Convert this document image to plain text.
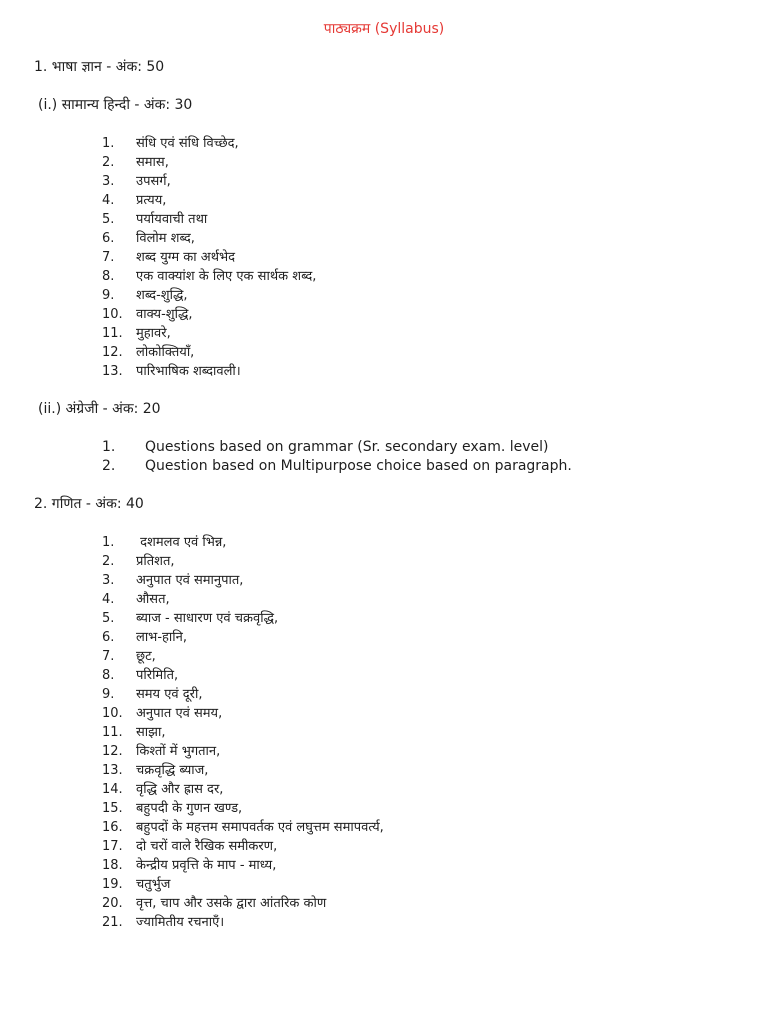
पाठ्यक्रम (Syllabus)
1. भाषा ज्ञान - अंक: 50
(i.) सामान्य हिन्दी - अंक: 30
1. संधि एवं संधि विच्छेद,
2. समास,
3. उपसर्ग,
4. प्रत्यय,
5. पर्यायवाची तथा
6. विलोम शब्द,
7. शब्द युग्म का अर्थभेद
8. एक वाक्यांश के लिए एक सार्थक शब्द,
9. शब्द-शुद्धि,
10. वाक्य-शुद्धि,
11. मुहावरे,
12. लोकोक्तियाँ,
13. पारिभाषिक शब्दावली।
(ii.) अंग्रेजी - अंक: 20
1. Questions based on grammar (Sr. secondary exam. level)
2. Question based on Multipurpose choice based on paragraph.
2. गणित - अंक: 40
1. दशमलव एवं भिन्न,
2. प्रतिशत,
3. अनुपात एवं समानुपात,
4. औसत,
5. ब्याज - साधारण एवं चक्रवृद्धि,
6. लाभ-हानि,
7. छूट,
8. परिमिति,
9. समय एवं दूरी,
10. अनुपात एवं समय,
11. साझा,
12. किश्तों में भुगतान,
13. चक्रवृद्धि ब्याज,
14. वृद्धि और ह्रास दर,
15. बहुपदी के गुणन खण्ड,
16. बहुपदों के महत्तम समापवर्तक एवं लघुत्तम समापवर्त्य,
17. दो चरों वाले रैखिक समीकरण,
18. केन्द्रीय प्रवृत्ति के माप - माध्य,
19. चतुर्भुज
20. वृत्त, चाप और उसके द्वारा आंतरिक कोण
21. ज्यामितीय रचनाएँ।
